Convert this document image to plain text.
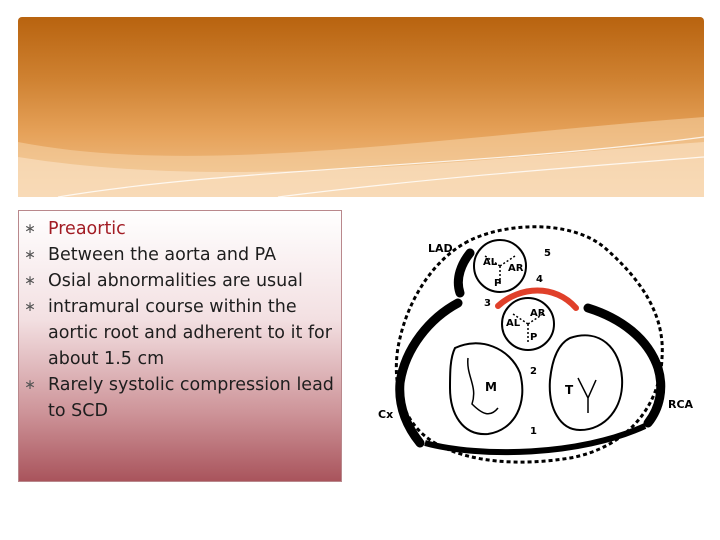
∗ Preaortic
∗ Between the aorta and PA
∗ Osial abnormalities are usual
∗ intramural course within the aortic root and adherent to it for about 1.5 cm
∗ Rarely systolic compression lead to SCD
LAD
Cx
RCA
M	T
AL
AR
P
AL
AR
P
1
2
3
4
5
